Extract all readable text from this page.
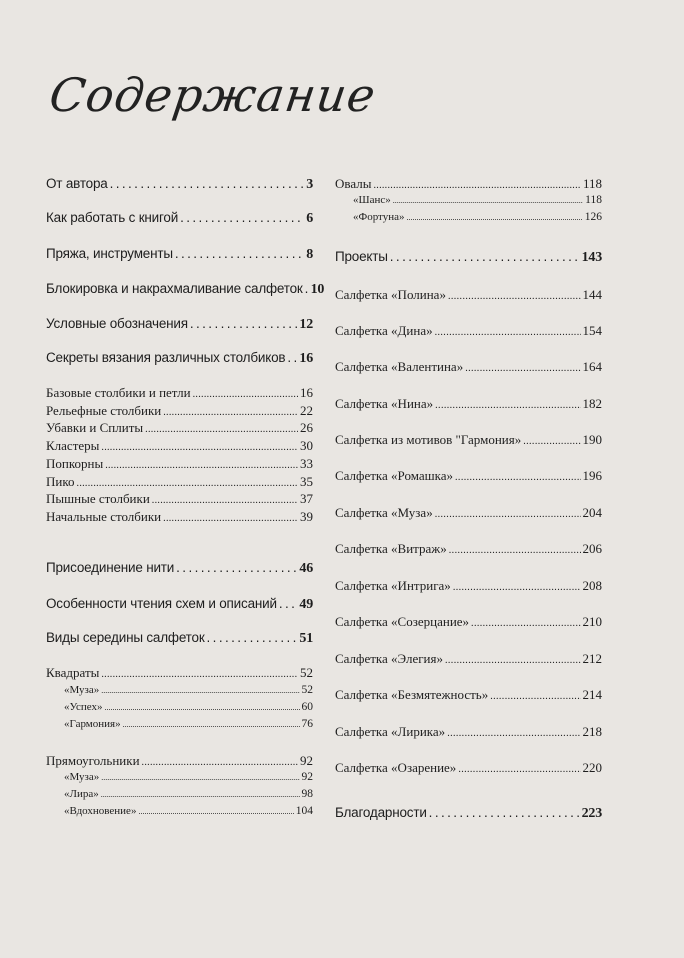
Содержание
От автора .....	3
Как работать с книгой .....	6
Пряжа, инструменты .....	8
Блокировка и накрахмаливание салфеток ..... 10
Условные обозначения .....	12
Секреты вязания различных столбиков ..... 16
Базовые столбики и петли .....	16
Рельефные столбики .....	22
Убавки и Сплиты .....	26
Кластеры .....	30
Попкорны .....	33
Пико .....	35
Пышные столбики .....	37
Начальные столбики .....	39
Присоединение нити .....	46
Особенности чтения схем и описаний ..... 49
Виды середины салфеток .....	51
Квадраты .....	52
«Муза» .....	52
«Успех» .....	60
«Гармония» .....	76
Прямоугольники .....	92
«Муза» .....	92
«Лира» .....	98
«Вдохновение» .....	104
Овалы .....	118
«Шанс» .....	118
«Фортуна» .....	126
Проекты .....	143
Салфетка «Полина» .....	144
Салфетка «Дина» .....	154
Салфетка «Валентина» .....	164
Салфетка «Нина» .....	182
Салфетка из мотивов "Гармония» .....	190
Салфетка «Ромашка» .....	196
Салфетка «Муза» .....	204
Салфетка «Витраж» .....	206
Салфетка «Интрига» .....	208
Салфетка «Созерцание» .....	210
Салфетка «Элегия» .....	212
Салфетка «Безмятежность» .....	214
Салфетка «Лирика» .....	218
Салфетка «Озарение» .....	220
Благодарности .....	223
